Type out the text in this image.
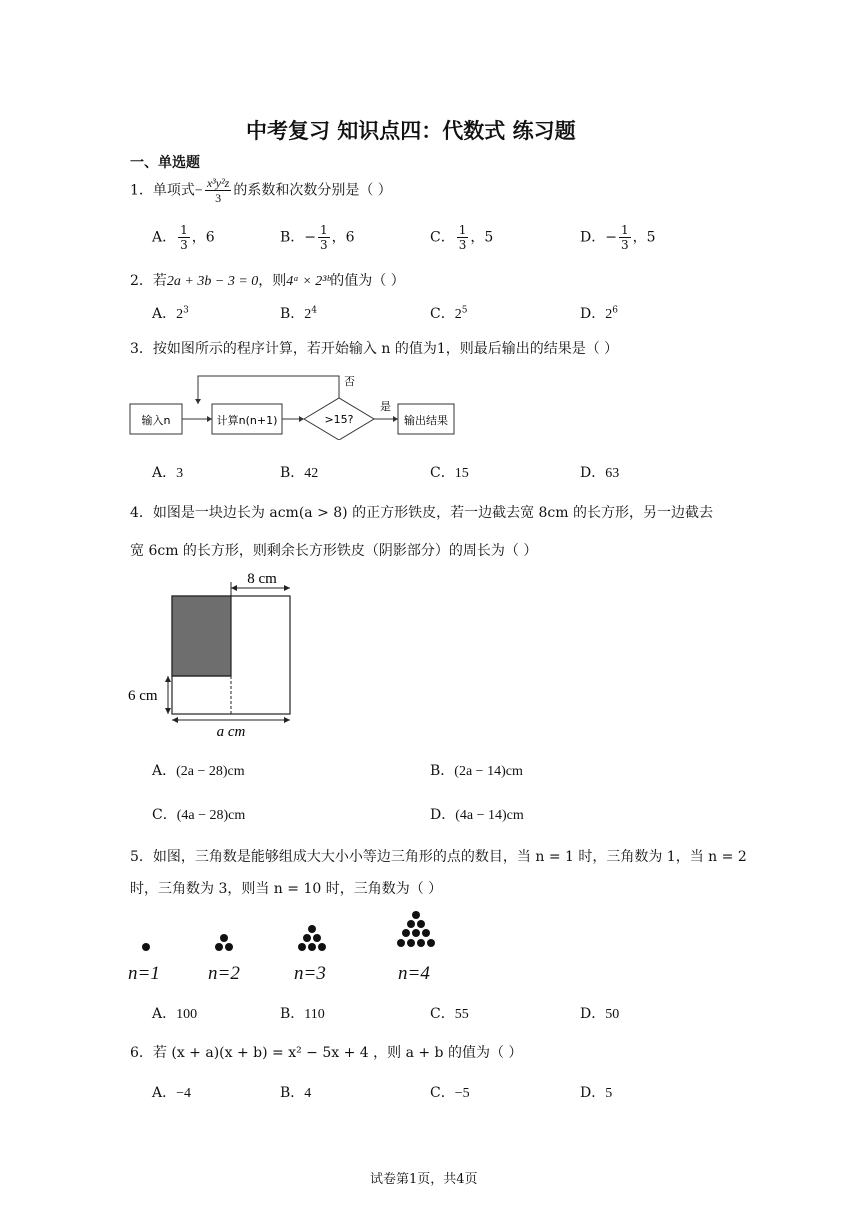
中考复习 知识点四：代数式 练习题
一、单选题
1．单项式− $\frac{\text{x³y²z}}{3}$ 的系数和次数分别是（ ）
A． $\frac{1}{3}$ ，6	B．− $\frac{1}{3}$ ，6	C． $\frac{1}{3}$ ，5	D．− $\frac{1}{3}$ ，5
2．若2a + 3b − 3 = 0，则4ᵃ × 2³ᵇ的值为（ ）
A．$2^3$	B．$2^4$	C．$2^5$	D．$2^6$
3．按如图所示的程序计算，若开始输入 n 的值为1，则最后输出的结果是（ ）
输入n	计算n(n+1)	>15?
是
输出结果
否
A．3	B．42	C．15	D．63
4．如图是一块边长为 acm(a > 8) 的正方形铁皮，若一边截去宽 8cm 的长方形，另一边截去
宽 6cm 的长方形，则剩余长方形铁皮（阴影部分）的周长为（ ）
8 cm
6 cm
a cm
A．(2a − 28)cm	B．(2a − 14)cm
C．(4a − 28)cm	D．(4a − 14)cm
5．如图，三角数是能够组成大大小小等边三角形的点的数目，当 n = 1 时，三角数为 1，当 n = 2
时，三角数为 3，则当 n = 10 时，三角数为（ ）
n=1	n=2	n=3	n=4
A．100	B．110	C．55	D．50
6．若 (x + a)(x + b) = x² − 5x + 4 ，则 a + b 的值为（ ）
A．−4	B．4	C．−5	D．5
试卷第1页，共4页
